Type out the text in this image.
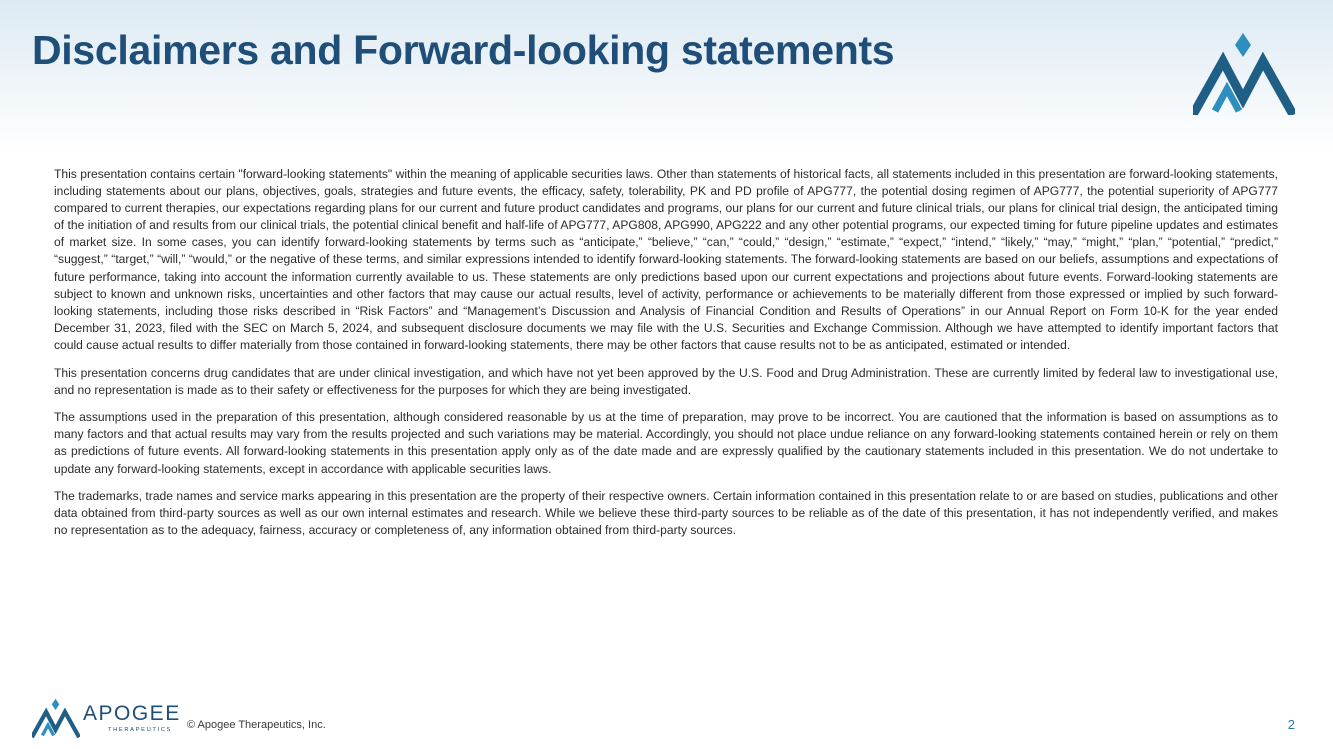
Disclaimers and Forward-looking statements

This presentation contains certain "forward-looking statements" within the meaning of applicable securities laws. Other than statements of historical facts, all statements included in this presentation are forward-looking statements, including statements about our plans, objectives, goals, strategies and future events, the efficacy, safety, tolerability, PK and PD profile of APG777, the potential dosing regimen of APG777, the potential superiority of APG777 compared to current therapies, our expectations regarding plans for our current and future product candidates and programs, our plans for our current and future clinical trials, our plans for clinical trial design, the anticipated timing of the initiation of and results from our clinical trials, the potential clinical benefit and half-life of APG777, APG808, APG990, APG222 and any other potential programs, our expected timing for future pipeline updates and estimates of market size. In some cases, you can identify forward-looking statements by terms such as “anticipate,” “believe,” “can,” “could,” “design,” “estimate,” “expect,” “intend,” “likely,” “may,” “might,” “plan,” “potential,” “predict,” “suggest,” “target,” “will,” “would,” or the negative of these terms, and similar expressions intended to identify forward-looking statements. The forward-looking statements are based on our beliefs, assumptions and expectations of future performance, taking into account the information currently available to us. These statements are only predictions based upon our current expectations and projections about future events. Forward-looking statements are subject to known and unknown risks, uncertainties and other factors that may cause our actual results, level of activity, performance or achievements to be materially different from those expressed or implied by such forward-looking statements, including those risks described in “Risk Factors” and “Management’s Discussion and Analysis of Financial Condition and Results of Operations” in our Annual Report on Form 10-K for the year ended December 31, 2023, filed with the SEC on March 5, 2024, and subsequent disclosure documents we may file with the U.S. Securities and Exchange Commission. Although we have attempted to identify important factors that could cause actual results to differ materially from those contained in forward-looking statements, there may be other factors that cause results not to be as anticipated, estimated or intended.

This presentation concerns drug candidates that are under clinical investigation, and which have not yet been approved by the U.S. Food and Drug Administration. These are currently limited by federal law to investigational use, and no representation is made as to their safety or effectiveness for the purposes for which they are being investigated.

The assumptions used in the preparation of this presentation, although considered reasonable by us at the time of preparation, may prove to be incorrect. You are cautioned that the information is based on assumptions as to many factors and that actual results may vary from the results projected and such variations may be material. Accordingly, you should not place undue reliance on any forward-looking statements contained herein or rely on them as predictions of future events. All forward-looking statements in this presentation apply only as of the date made and are expressly qualified by the cautionary statements included in this presentation. We do not undertake to update any forward-looking statements, except in accordance with applicable securities laws.

The trademarks, trade names and service marks appearing in this presentation are the property of their respective owners. Certain information contained in this presentation relate to or are based on studies, publications and other data obtained from third-party sources as well as our own internal estimates and research. While we believe these third-party sources to be reliable as of the date of this presentation, it has not independently verified, and makes no representation as to the adequacy, fairness, accuracy or completeness of, any information obtained from third-party sources.

APOGEE
THERAPEUTICS © Apogee Therapeutics, Inc.	2
